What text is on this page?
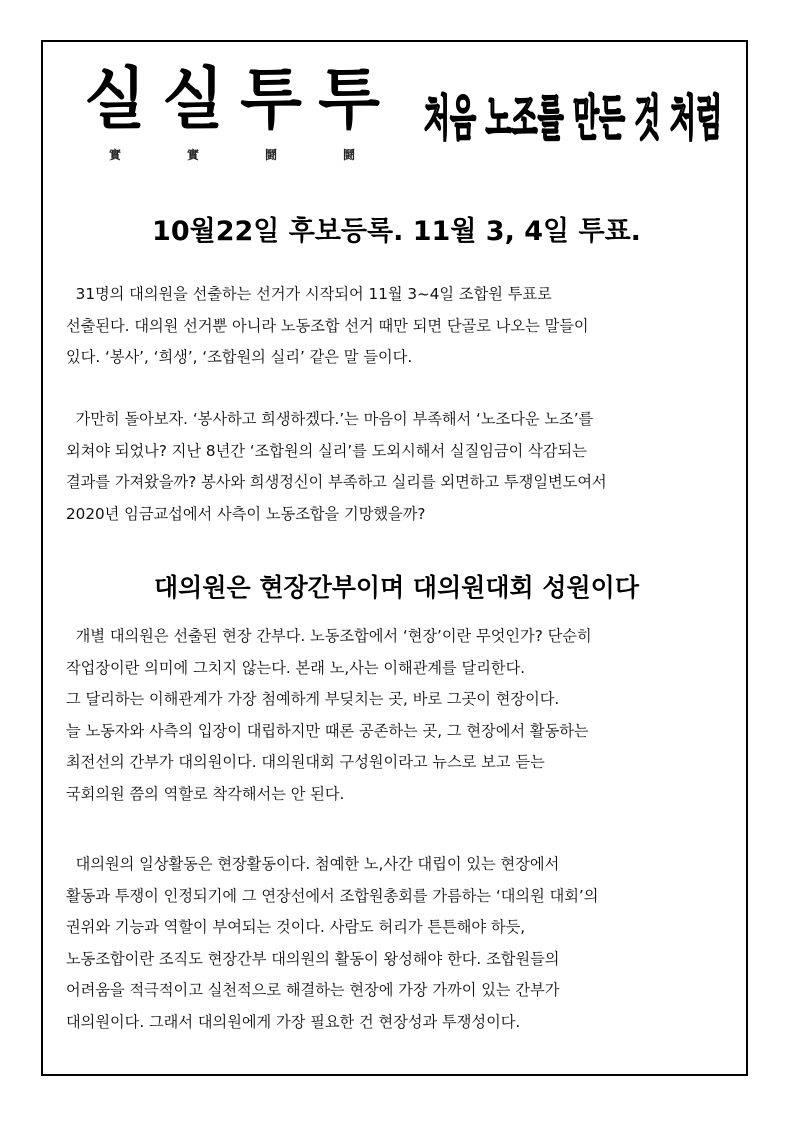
실 실 투 투
實	實	鬪	鬪
처음 노조를 만든 것 처럼
10월22일 후보등록. 11월 3, 4일 투표.
31명의 대의원을 선출하는 선거가 시작되어 11월 3~4일 조합원 투표로
선출된다. 대의원 선거뿐 아니라 노동조합 선거 때만 되면 단골로 나오는 말들이
있다. ‘봉사’, ‘희생’, ‘조합원의 실리’ 같은 말 들이다.
가만히 돌아보자. ‘봉사하고 희생하겠다.’는 마음이 부족해서 ‘노조다운 노조’를
외쳐야 되었나? 지난 8년간 ‘조합원의 실리’를 도외시해서 실질임금이 삭감되는
결과를 가져왔을까? 봉사와 희생정신이 부족하고 실리를 외면하고 투쟁일변도여서
2020년 임금교섭에서 사측이 노동조합을 기망했을까?
대의원은 현장간부이며 대의원대회 성원이다
개별 대의원은 선출된 현장 간부다. 노동조합에서 ‘현장’이란 무엇인가? 단순히
작업장이란 의미에 그치지 않는다. 본래 노,사는 이해관계를 달리한다.
그 달리하는 이해관계가 가장 첨예하게 부딪치는 곳, 바로 그곳이 현장이다.
늘 노동자와 사측의 입장이 대립하지만 때론 공존하는 곳, 그 현장에서 활동하는
최전선의 간부가 대의원이다. 대의원대회 구성원이라고 뉴스로 보고 듣는
국회의원 쯤의 역할로 착각해서는 안 된다.
대의원의 일상활동은 현장활동이다. 첨예한 노,사간 대립이 있는 현장에서
활동과 투쟁이 인정되기에 그 연장선에서 조합원총회를 가름하는 ‘대의원 대회’의
권위와 기능과 역할이 부여되는 것이다. 사람도 허리가 튼튼해야 하듯,
노동조합이란 조직도 현장간부 대의원의 활동이 왕성해야 한다. 조합원들의
어려움을 적극적이고 실천적으로 해결하는 현장에 가장 가까이 있는 간부가
대의원이다. 그래서 대의원에게 가장 필요한 건 현장성과 투쟁성이다.
